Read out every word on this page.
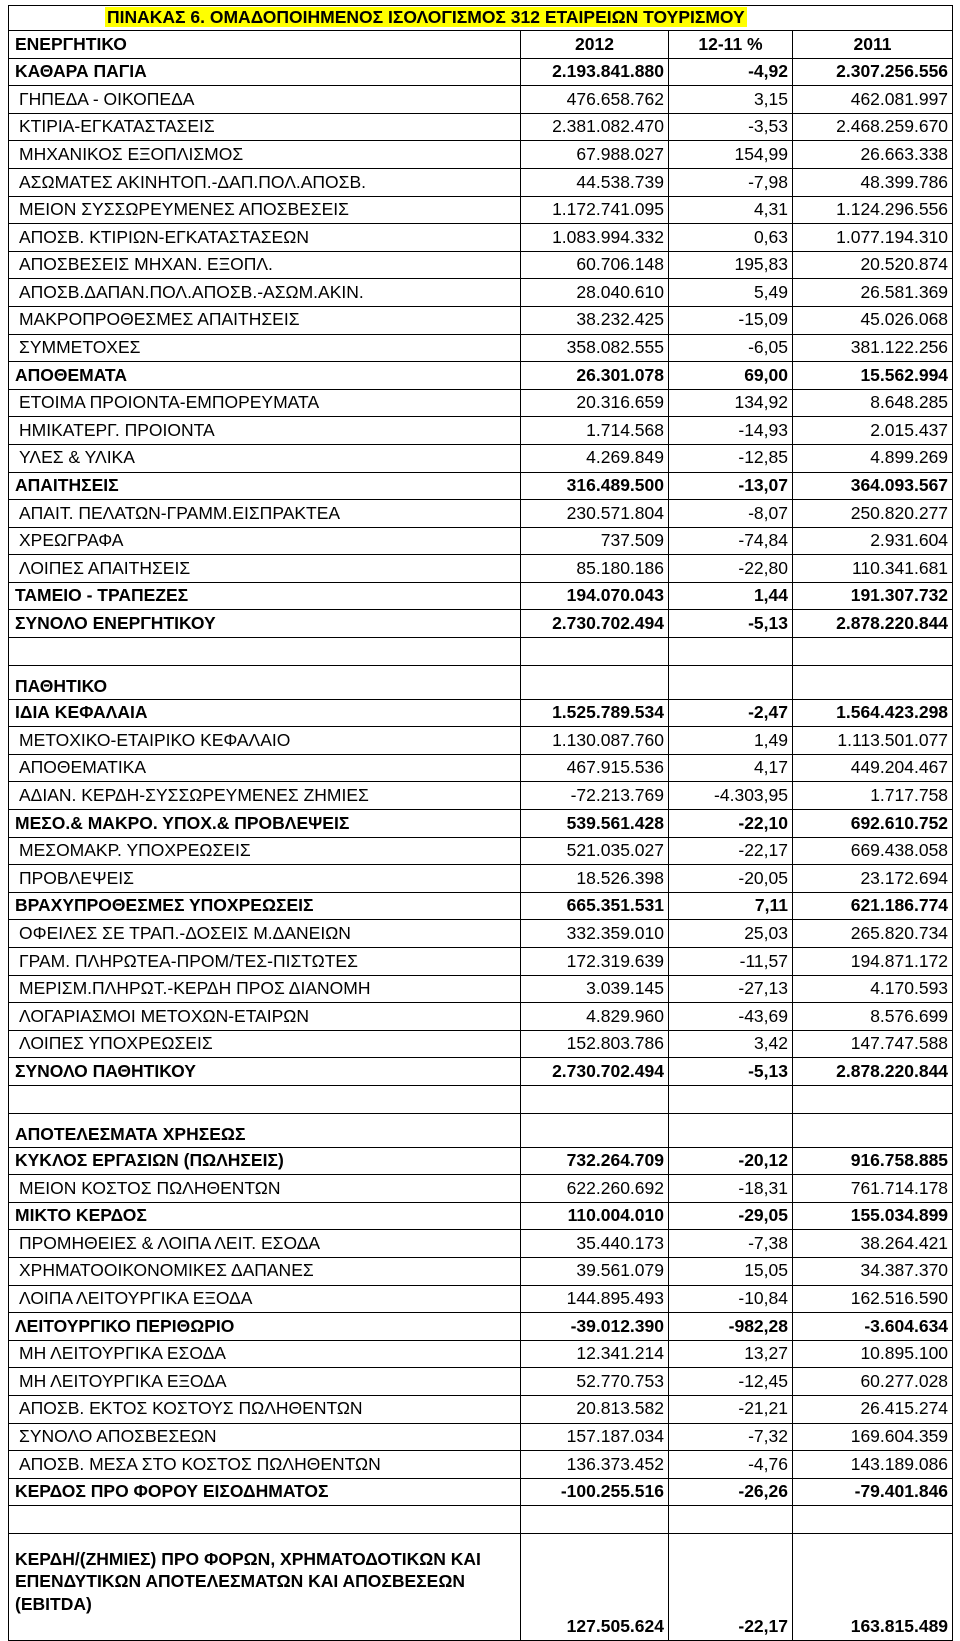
ΠΙΝΑΚΑΣ 6. ΟΜΑΔΟΠΟΙΗΜΕΝΟΣ ΙΣΟΛΟΓΙΣΜΟΣ 312 ΕΤΑΙΡΕΙΩΝ ΤΟΥΡΙΣΜΟΥ			
ΕΝΕΡΓΗΤΙΚΟ	2012	12-11 %	2011
ΚΑΘΑΡΑ ΠΑΓΙΑ	2.193.841.880	-4,92	2.307.256.556
ΓΗΠΕΔΑ - ΟΙΚΟΠΕΔΑ	476.658.762	3,15	462.081.997
ΚΤΙΡΙΑ-ΕΓΚΑΤΑΣΤΑΣΕΙΣ	2.381.082.470	-3,53	2.468.259.670
ΜΗΧΑΝΙΚΟΣ ΕΞΟΠΛΙΣΜΟΣ	67.988.027	154,99	26.663.338
ΑΣΩΜΑΤΕΣ ΑΚΙΝΗΤΟΠ.-ΔΑΠ.ΠΟΛ.ΑΠΟΣΒ.	44.538.739	-7,98	48.399.786
ΜΕΙΟΝ ΣΥΣΣΩΡΕΥΜΕΝΕΣ ΑΠΟΣΒΕΣΕΙΣ	1.172.741.095	4,31	1.124.296.556
ΑΠΟΣΒ. ΚΤΙΡΙΩΝ-ΕΓΚΑΤΑΣΤΑΣΕΩΝ	1.083.994.332	0,63	1.077.194.310
ΑΠΟΣΒΕΣΕΙΣ ΜΗΧΑΝ. ΕΞΟΠΛ.	60.706.148	195,83	20.520.874
ΑΠΟΣΒ.ΔΑΠΑΝ.ΠΟΛ.ΑΠΟΣΒ.-ΑΣΩΜ.ΑΚΙΝ.	28.040.610	5,49	26.581.369
ΜΑΚΡΟΠΡΟΘΕΣΜΕΣ ΑΠΑΙΤΗΣΕΙΣ	38.232.425	-15,09	45.026.068
ΣΥΜΜΕΤΟΧΕΣ	358.082.555	-6,05	381.122.256
ΑΠΟΘΕΜΑΤΑ	26.301.078	69,00	15.562.994
ΕΤΟΙΜΑ ΠΡΟΙΟΝΤΑ-ΕΜΠΟΡΕΥΜΑΤΑ	20.316.659	134,92	8.648.285
ΗΜΙΚΑΤΕΡΓ. ΠΡΟΙΟΝΤΑ	1.714.568	-14,93	2.015.437
ΥΛΕΣ & ΥΛΙΚΑ	4.269.849	-12,85	4.899.269
ΑΠΑΙΤΗΣΕΙΣ	316.489.500	-13,07	364.093.567
ΑΠΑΙΤ. ΠΕΛΑΤΩΝ-ΓΡΑΜΜ.ΕΙΣΠΡΑΚΤΕΑ	230.571.804	-8,07	250.820.277
ΧΡΕΩΓΡΑΦΑ	737.509	-74,84	2.931.604
ΛΟΙΠΕΣ ΑΠΑΙΤΗΣΕΙΣ	85.180.186	-22,80	110.341.681
ΤΑΜΕΙΟ - ΤΡΑΠΕΖΕΣ	194.070.043	1,44	191.307.732
ΣΥΝΟΛΟ ΕΝΕΡΓΗΤΙΚΟΥ	2.730.702.494	-5,13	2.878.220.844

ΠΑΘΗΤΙΚΟ			
ΙΔΙΑ ΚΕΦΑΛΑΙΑ	1.525.789.534	-2,47	1.564.423.298
ΜΕΤΟΧΙΚΟ-ΕΤΑΙΡΙΚΟ ΚΕΦΑΛΑΙΟ	1.130.087.760	1,49	1.113.501.077
ΑΠΟΘΕΜΑΤΙΚΑ	467.915.536	4,17	449.204.467
ΑΔΙΑΝ. ΚΕΡΔΗ-ΣΥΣΣΩΡΕΥΜΕΝΕΣ ΖΗΜΙΕΣ	-72.213.769	-4.303,95	1.717.758
ΜΕΣΟ.& ΜΑΚΡΟ. ΥΠΟΧ.& ΠΡΟΒΛΕΨΕΙΣ	539.561.428	-22,10	692.610.752
ΜΕΣΟΜΑΚΡ. ΥΠΟΧΡΕΩΣΕΙΣ	521.035.027	-22,17	669.438.058
ΠΡΟΒΛΕΨΕΙΣ	18.526.398	-20,05	23.172.694
ΒΡΑΧΥΠΡΟΘΕΣΜΕΣ ΥΠΟΧΡΕΩΣΕΙΣ	665.351.531	7,11	621.186.774
ΟΦΕΙΛΕΣ ΣΕ ΤΡΑΠ.-ΔΟΣΕΙΣ Μ.ΔΑΝΕΙΩΝ	332.359.010	25,03	265.820.734
ΓΡΑΜ. ΠΛΗΡΩΤΕΑ-ΠΡΟΜ/ΤΕΣ-ΠΙΣΤΩΤΕΣ	172.319.639	-11,57	194.871.172
ΜΕΡΙΣΜ.ΠΛΗΡΩΤ.-ΚΕΡΔΗ ΠΡΟΣ ΔΙΑΝΟΜΗ	3.039.145	-27,13	4.170.593
ΛΟΓΑΡΙΑΣΜΟΙ ΜΕΤΟΧΩΝ-ΕΤΑΙΡΩΝ	4.829.960	-43,69	8.576.699
ΛΟΙΠΕΣ ΥΠΟΧΡΕΩΣΕΙΣ	152.803.786	3,42	147.747.588
ΣΥΝΟΛΟ ΠΑΘΗΤΙΚΟΥ	2.730.702.494	-5,13	2.878.220.844

ΑΠΟΤΕΛΕΣΜΑΤΑ ΧΡΗΣΕΩΣ			
ΚΥΚΛΟΣ ΕΡΓΑΣΙΩΝ (ΠΩΛΗΣΕΙΣ)	732.264.709	-20,12	916.758.885
ΜΕΙΟΝ ΚΟΣΤΟΣ ΠΩΛΗΘΕΝΤΩΝ	622.260.692	-18,31	761.714.178
ΜΙΚΤΟ ΚΕΡΔΟΣ	110.004.010	-29,05	155.034.899
ΠΡΟΜΗΘΕΙΕΣ & ΛΟΙΠΑ ΛΕΙΤ. ΕΣΟΔΑ	35.440.173	-7,38	38.264.421
ΧΡΗΜΑΤΟΟΙΚΟΝΟΜΙΚΕΣ ΔΑΠΑΝΕΣ	39.561.079	15,05	34.387.370
ΛΟΙΠΑ ΛΕΙΤΟΥΡΓΙΚΑ ΕΞΟΔΑ	144.895.493	-10,84	162.516.590
ΛΕΙΤΟΥΡΓΙΚΟ ΠΕΡΙΘΩΡΙΟ	-39.012.390	-982,28	-3.604.634
ΜΗ ΛΕΙΤΟΥΡΓΙΚΑ ΕΣΟΔΑ	12.341.214	13,27	10.895.100
ΜΗ ΛΕΙΤΟΥΡΓΙΚΑ ΕΞΟΔΑ	52.770.753	-12,45	60.277.028
ΑΠΟΣΒ. ΕΚΤΟΣ ΚΟΣΤΟΥΣ ΠΩΛΗΘΕΝΤΩΝ	20.813.582	-21,21	26.415.274
ΣΥΝΟΛΟ ΑΠΟΣΒΕΣΕΩΝ	157.187.034	-7,32	169.604.359
ΑΠΟΣΒ. ΜΕΣΑ ΣΤΟ ΚΟΣΤΟΣ ΠΩΛΗΘΕΝΤΩΝ	136.373.452	-4,76	143.189.086
ΚΕΡΔΟΣ ΠΡΟ ΦΟΡΟΥ ΕΙΣΟΔΗΜΑΤΟΣ	-100.255.516	-26,26	-79.401.846

ΚΕΡΔΗ/(ΖΗΜΙΕΣ) ΠΡΟ ΦΟΡΩΝ, ΧΡΗΜΑΤΟΔΟΤΙΚΩΝ ΚΑΙ ΕΠΕΝΔΥΤΙΚΩΝ ΑΠΟΤΕΛΕΣΜΑΤΩΝ ΚΑΙ ΑΠΟΣΒΕΣΕΩΝ (EBITDA)	127.505.624	-22,17	163.815.489
